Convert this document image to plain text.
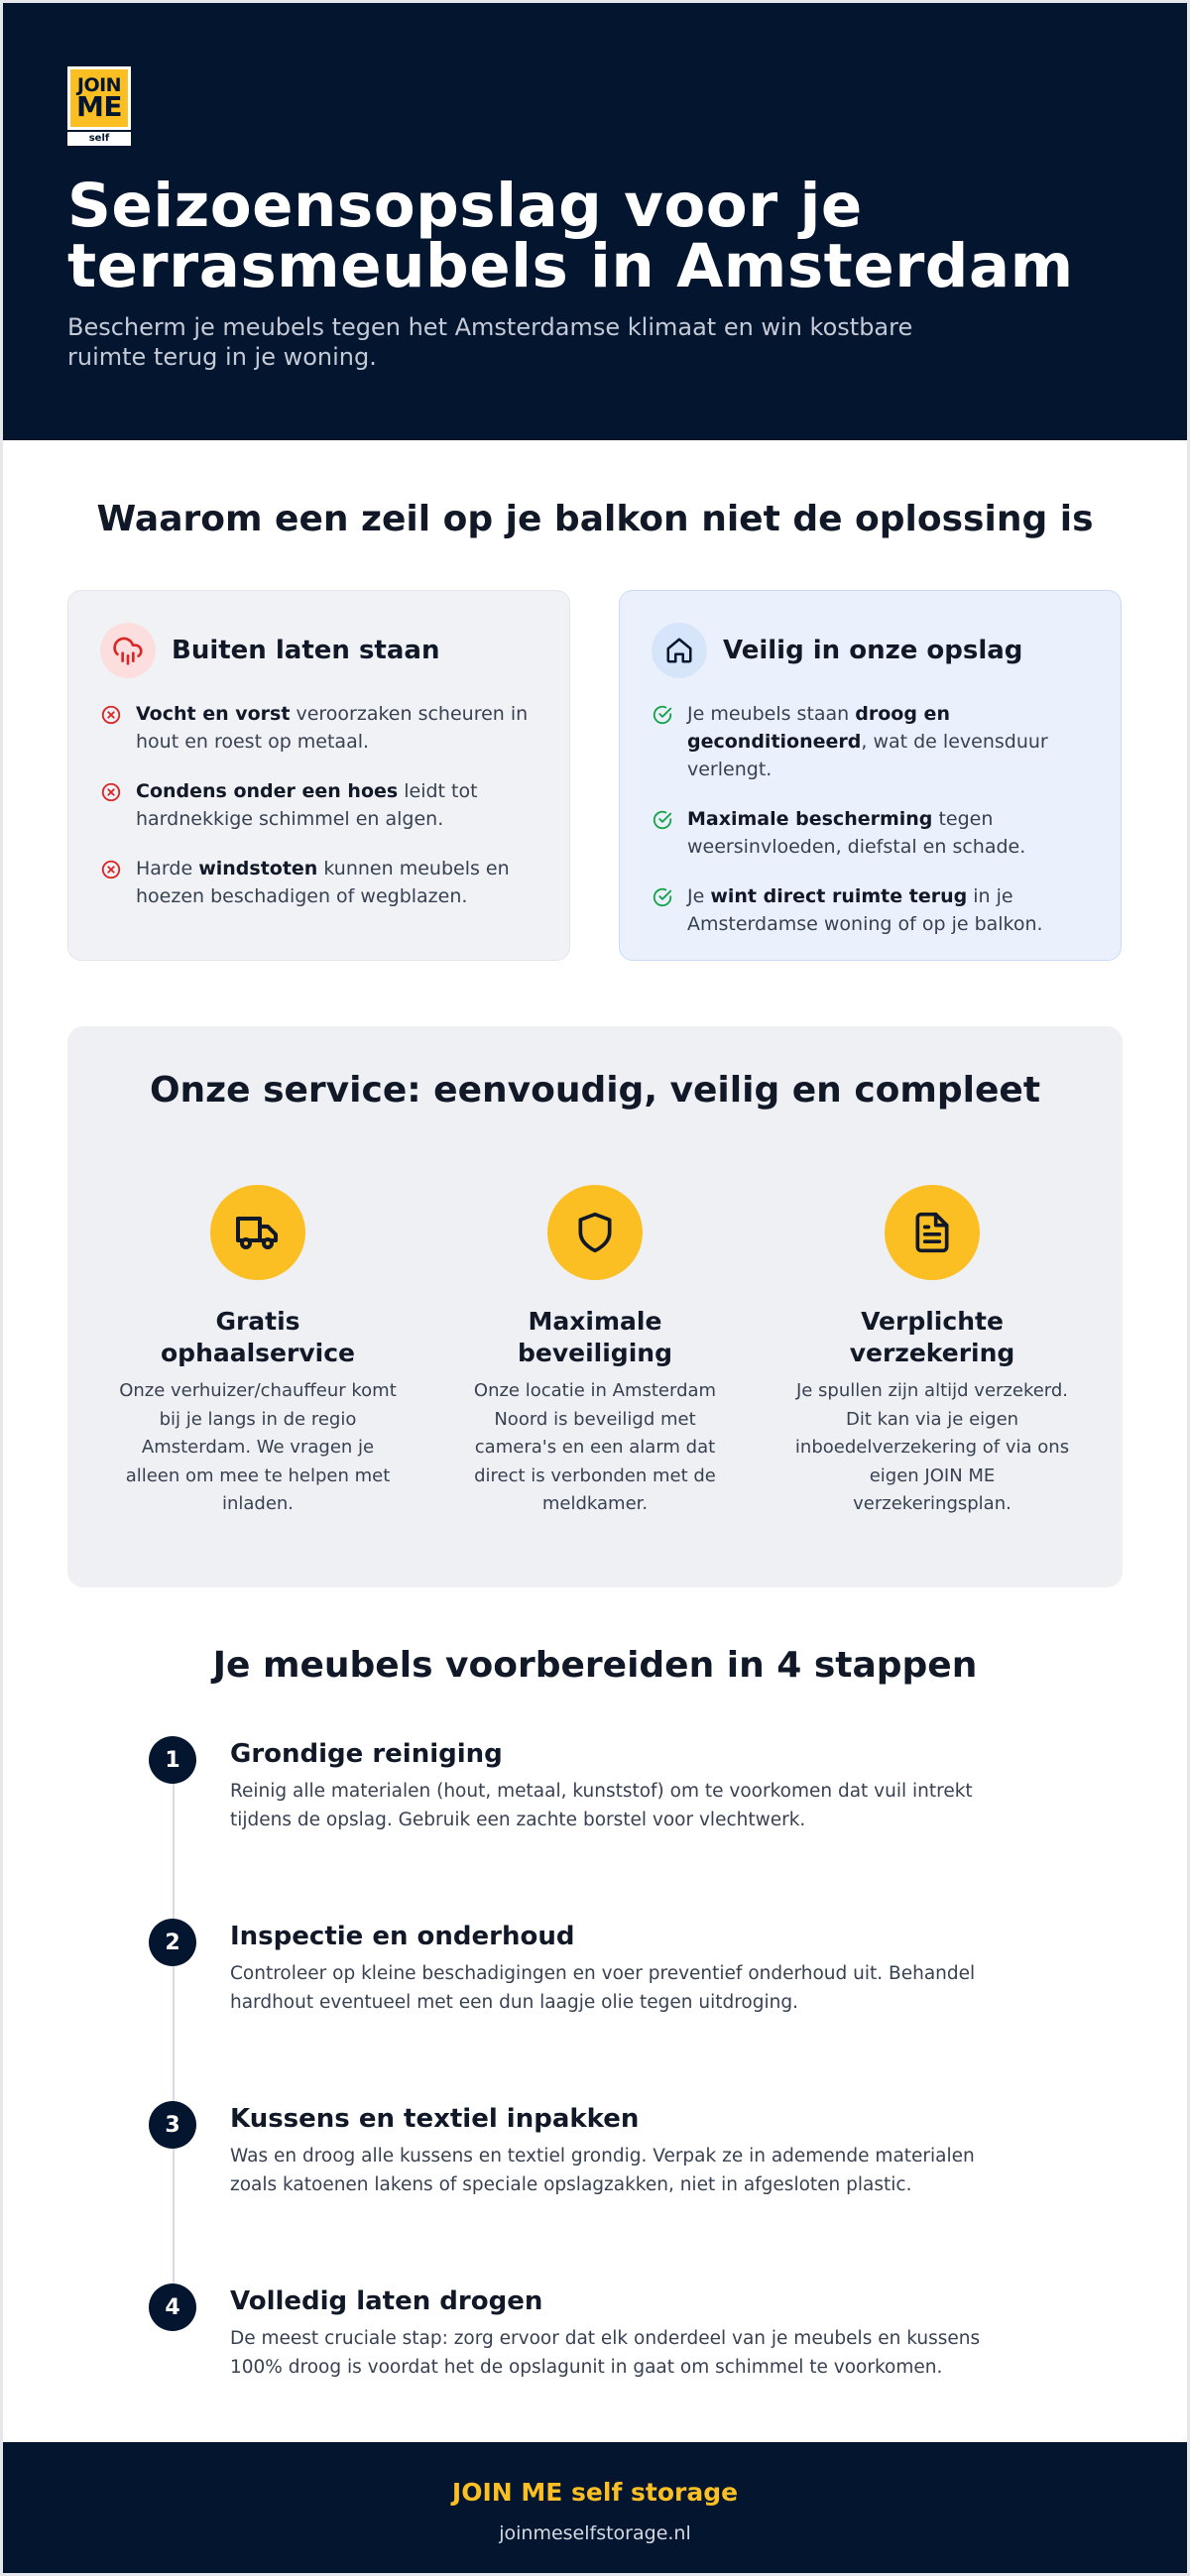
JOIN
ME
self storage
Seizoensopslag voor je terrasmeubels in Amsterdam

Bescherm je meubels tegen het Amsterdamse klimaat en win kostbare ruimte terug in je woning.

Waarom een zeil op je balkon niet de oplossing is
Buiten laten staan
Vocht en vorst veroorzaken scheuren in hout en roest op metaal.
Condens onder een hoes leidt tot hardnekkige schimmel en algen.
Harde windstoten kunnen meubels en hoezen beschadigen of wegblazen.
Veilig in onze opslag
Je meubels staan droog en geconditioneerd, wat de levensduur verlengt.
Maximale bescherming tegen weersinvloeden, diefstal en schade.
Je wint direct ruimte terug in je Amsterdamse woning of op je balkon.
Onze service: eenvoudig, veilig en compleet
Gratis ophaalservice

Onze verhuizer/chauffeur komt bij je langs in de regio Amsterdam. We vragen je alleen om mee te helpen met inladen.

Maximale beveiliging

Onze locatie in Amsterdam Noord is beveiligd met camera's en een alarm dat direct is verbonden met de meldkamer.

Verplichte verzekering

Je spullen zijn altijd verzekerd. Dit kan via je eigen inboedelverzekering of via ons eigen JOIN ME verzekeringsplan.

Je meubels voorbereiden in 4 stappen
1	Grondige reiniging

Reinig alle materialen (hout, metaal, kunststof) om te voorkomen dat vuil intrekt tijdens de opslag. Gebruik een zachte borstel voor vlechtwerk.

2	Inspectie en onderhoud

Controleer op kleine beschadigingen en voer preventief onderhoud uit. Behandel hardhout eventueel met een dun laagje olie tegen uitdroging.

3	Kussens en textiel inpakken

Was en droog alle kussens en textiel grondig. Verpak ze in ademende materialen zoals katoenen lakens of speciale opslagzakken, niet in afgesloten plastic.

4	Volledig laten drogen

De meest cruciale stap: zorg ervoor dat elk onderdeel van je meubels en kussens 100% droog is voordat het de opslagunit in gaat om schimmel te voorkomen.

JOIN ME self storage
joinmeselfstorage.nl
